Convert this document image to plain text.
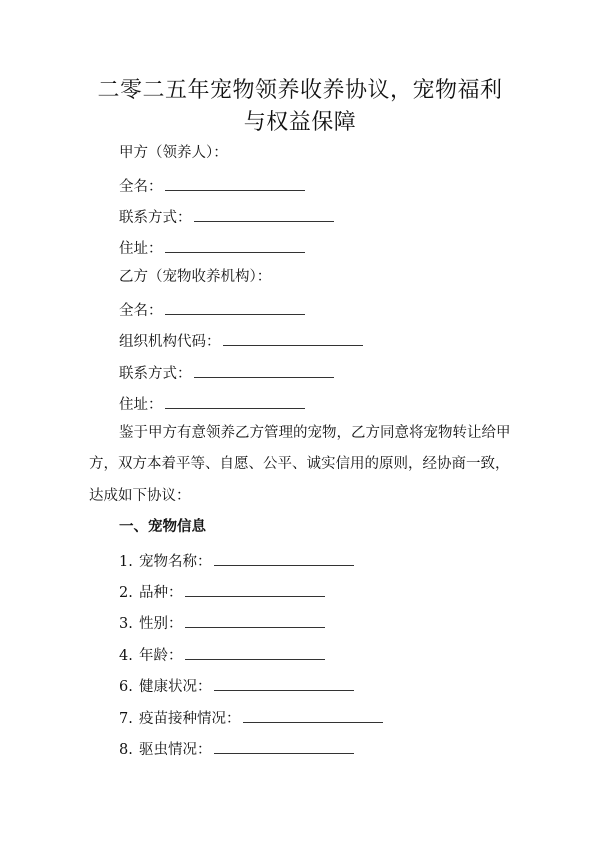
二零二五年宠物领养收养协议，宠物福利
与权益保障
甲方（领养人）：
全名：
联系方式：
住址：
乙方（宠物收养机构）：
全名：
组织机构代码：
联系方式：
住址：
鉴于甲方有意领养乙方管理的宠物，乙方同意将宠物转让给甲
方，双方本着平等、自愿、公平、诚实信用的原则，经协商一致，
达成如下协议：
一、宠物信息
1. 宠物名称：
2. 品种：
3. 性别：
4. 年龄：
6. 健康状况：
7. 疫苗接种情况：
8. 驱虫情况：
